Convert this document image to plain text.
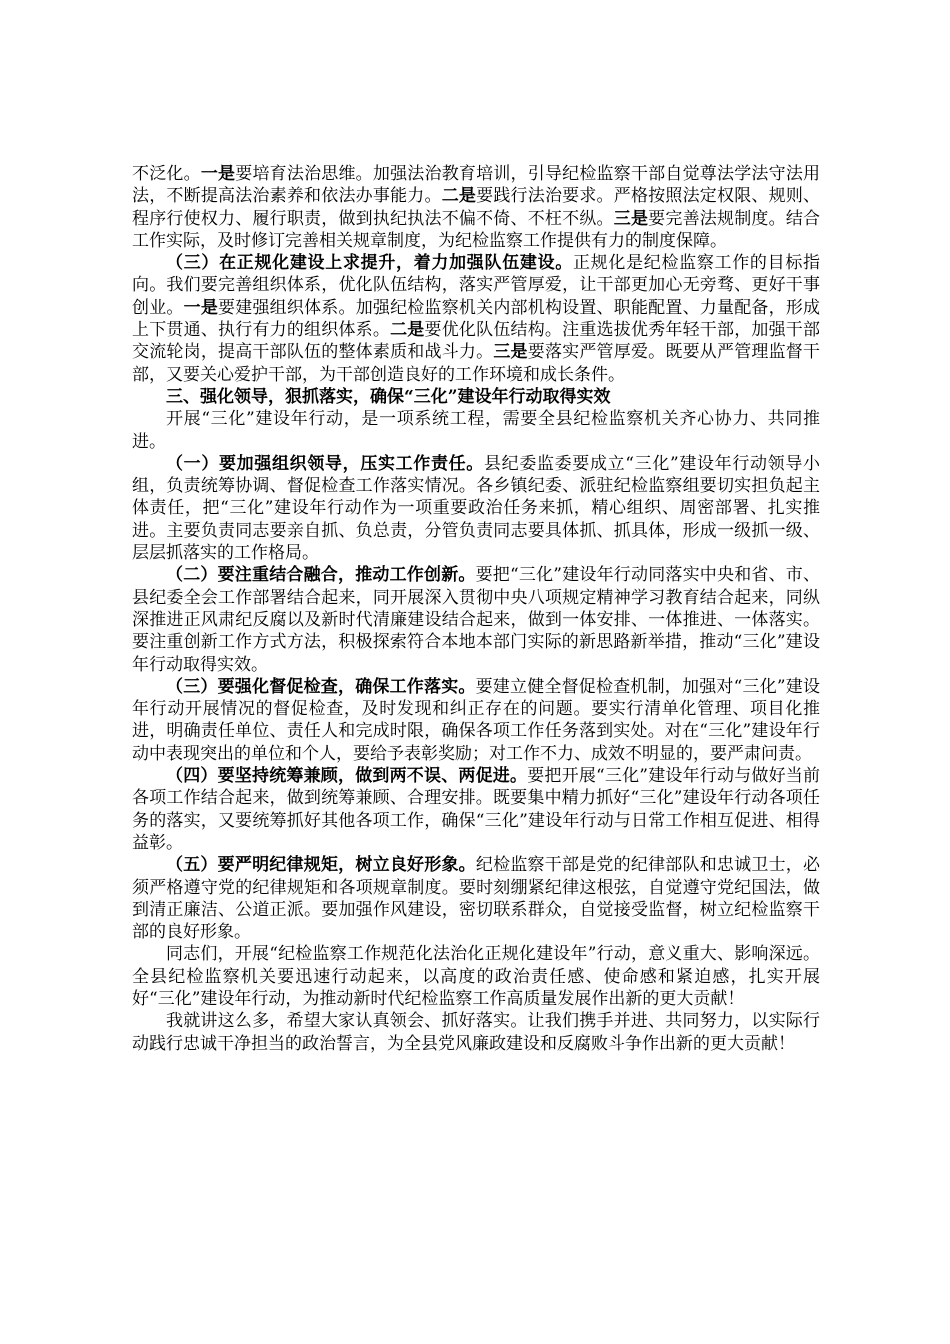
不泛化。一是要培育法治思维。加强法治教育培训，引导纪检监察干部自觉尊法学法守法用法，不断提高法治素养和依法办事能力。二是要践行法治要求。严格按照法定权限、规则、程序行使权力、履行职责，做到执纪执法不偏不倚、不枉不纵。三是要完善法规制度。结合工作实际，及时修订完善相关规章制度，为纪检监察工作提供有力的制度保障。

（三）在正规化建设上求提升，着力加强队伍建设。正规化是纪检监察工作的目标指向。我们要完善组织体系，优化队伍结构，落实严管厚爱，让干部更加心无旁骛、更好干事创业。一是要建强组织体系。加强纪检监察机关内部机构设置、职能配置、力量配备，形成上下贯通、执行有力的组织体系。二是要优化队伍结构。注重选拔优秀年轻干部，加强干部交流轮岗，提高干部队伍的整体素质和战斗力。三是要落实严管厚爱。既要从严管理监督干部，又要关心爱护干部，为干部创造良好的工作环境和成长条件。

三、强化领导，狠抓落实，确保“三化”建设年行动取得实效

开展“三化”建设年行动，是一项系统工程，需要全县纪检监察机关齐心协力、共同推进。

（一）要加强组织领导，压实工作责任。县纪委监委要成立“三化”建设年行动领导小组，负责统筹协调、督促检查工作落实情况。各乡镇纪委、派驻纪检监察组要切实担负起主体责任，把“三化”建设年行动作为一项重要政治任务来抓，精心组织、周密部署、扎实推进。主要负责同志要亲自抓、负总责，分管负责同志要具体抓、抓具体，形成一级抓一级、层层抓落实的工作格局。

（二）要注重结合融合，推动工作创新。要把“三化”建设年行动同落实中央和省、市、县纪委全会工作部署结合起来，同开展深入贯彻中央八项规定精神学习教育结合起来，同纵深推进正风肃纪反腐以及新时代清廉建设结合起来，做到一体安排、一体推进、一体落实。要注重创新工作方式方法，积极探索符合本地本部门实际的新思路新举措，推动“三化”建设年行动取得实效。

（三）要强化督促检查，确保工作落实。要建立健全督促检查机制，加强对“三化”建设年行动开展情况的督促检查，及时发现和纠正存在的问题。要实行清单化管理、项目化推进，明确责任单位、责任人和完成时限，确保各项工作任务落到实处。对在“三化”建设年行动中表现突出的单位和个人，要给予表彰奖励；对工作不力、成效不明显的，要严肃问责。

（四）要坚持统筹兼顾，做到两不误、两促进。要把开展“三化”建设年行动与做好当前各项工作结合起来，做到统筹兼顾、合理安排。既要集中精力抓好“三化”建设年行动各项任务的落实，又要统筹抓好其他各项工作，确保“三化”建设年行动与日常工作相互促进、相得益彰。

（五）要严明纪律规矩，树立良好形象。纪检监察干部是党的纪律部队和忠诚卫士，必须严格遵守党的纪律规矩和各项规章制度。要时刻绷紧纪律这根弦，自觉遵守党纪国法，做到清正廉洁、公道正派。要加强作风建设，密切联系群众，自觉接受监督，树立纪检监察干部的良好形象。

同志们，开展“纪检监察工作规范化法治化正规化建设年”行动，意义重大、影响深远。全县纪检监察机关要迅速行动起来，以高度的政治责任感、使命感和紧迫感，扎实开展好“三化”建设年行动，为推动新时代纪检监察工作高质量发展作出新的更大贡献！

我就讲这么多，希望大家认真领会、抓好落实。让我们携手并进、共同努力，以实际行动践行忠诚干净担当的政治誓言，为全县党风廉政建设和反腐败斗争作出新的更大贡献！
